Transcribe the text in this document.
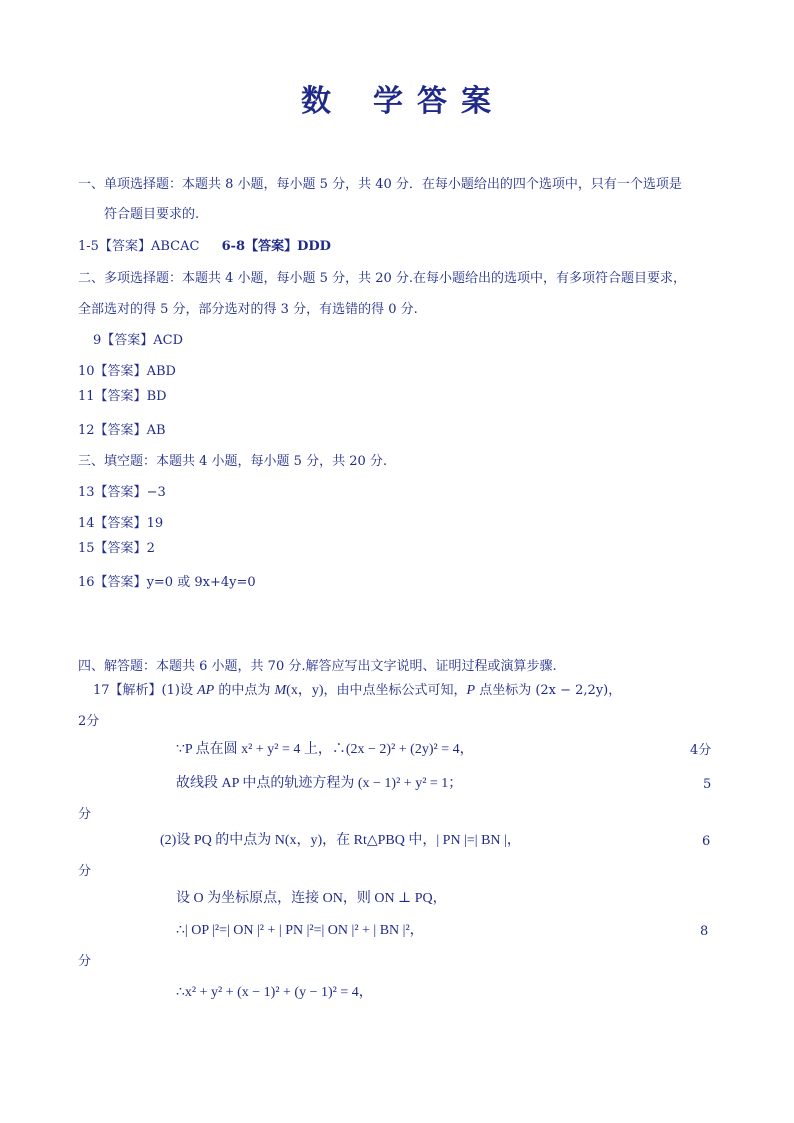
数 学 答 案
一、单项选择题：本题共 8 小题，每小题 5 分，共 40 分．在每小题给出的四个选项中，只有一个选项是
符合题目要求的.
1-5【答案】ABCAC 6-8【答案】DDD
二、多项选择题：本题共 4 小题，每小题 5 分，共 20 分.在每小题给出的选项中，有多项符合题目要求，
全部选对的得 5 分，部分选对的得 3 分，有选错的得 0 分.
9【答案】ACD
10【答案】ABD
11【答案】BD
12【答案】AB
三、填空题：本题共 4 小题，每小题 5 分，共 20 分.
13【答案】−3
14【答案】19
15【答案】2
16【答案】y=0 或 9x+4y=0
四、解答题：本题共 6 小题，共 70 分.解答应写出文字说明、证明过程或演算步骤.
17【解析】(1)设 AP 的中点为 M(x，y)，由中点坐标公式可知，P 点坐标为 (2x − 2,2y)，
2分
∵P 点在圆 x² + y² = 4 上，∴(2x − 2)² + (2y)² = 4，	4分
故线段 AP 中点的轨迹方程为 (x − 1)² + y² = 1；	5
分
(2)设 PQ 的中点为 N(x，y)，在 Rt△PBQ 中，| PN |=| BN |，	6
分
设 O 为坐标原点，连接 ON，则 ON ⊥ PQ，
∴| OP |²=| ON |² + | PN |²=| ON |² + | BN |²，	8
分
∴x² + y² + (x − 1)² + (y − 1)² = 4，
